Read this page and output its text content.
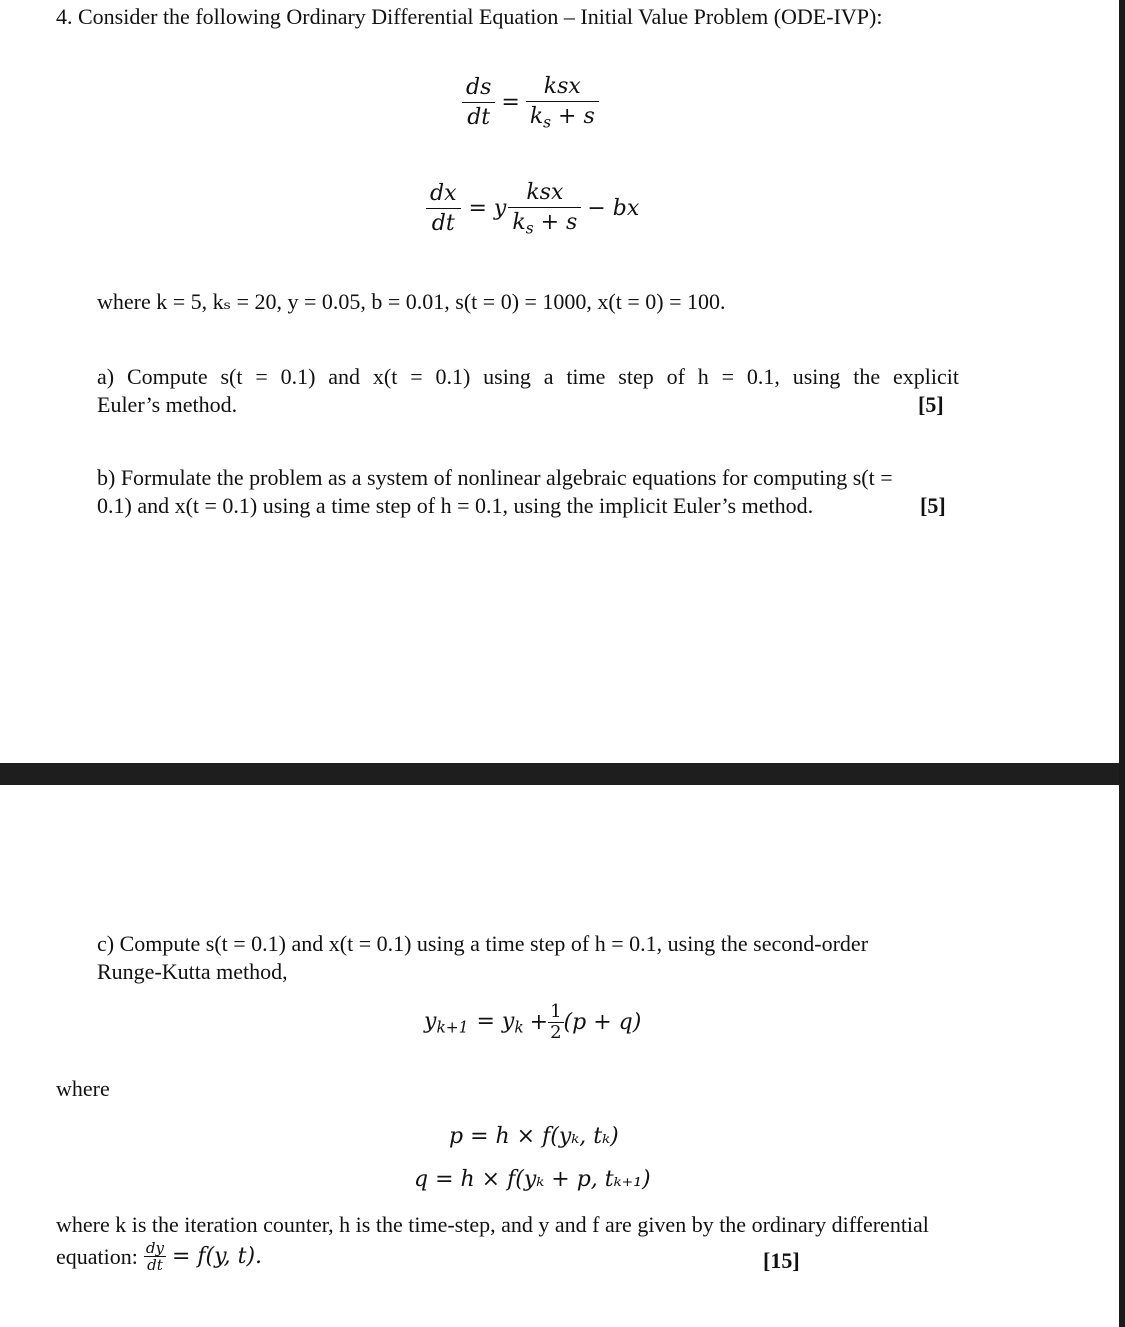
4. Consider the following Ordinary Differential Equation – Initial Value Problem (ODE-IVP):
$\frac{ds}{dt} = \frac{\text{ksx}}{k_s + s}$
$\frac{dx}{dt} = y \frac{\text{ksx}}{k_s + s}$ − bx
where k = 5, kₛ = 20, y = 0.05, b = 0.01, s(t = 0) = 1000, x(t = 0) = 100.
a) Compute s(t = 0.1) and x(t = 0.1) using a time step of h = 0.1, using the explicit
Euler’s method.	[5]
b) Formulate the problem as a system of nonlinear algebraic equations for computing s(t =
0.1) and x(t = 0.1) using a time step of h = 0.1, using the implicit Euler’s method.	[5]
c) Compute s(t = 0.1) and x(t = 0.1) using a time step of h = 0.1, using the second-order
Runge-Kutta method,
$y_{k+1} = y_k + \frac{1}{2} (p + q)$
where
p = h × f(yₖ, tₖ)
q = h × f(yₖ + p, tₖ₊₁)
where k is the iteration counter, h is the time-step, and y and f are given by the ordinary differential
equation: $\frac{dy}{dt} = f(y$, t).	[15]
